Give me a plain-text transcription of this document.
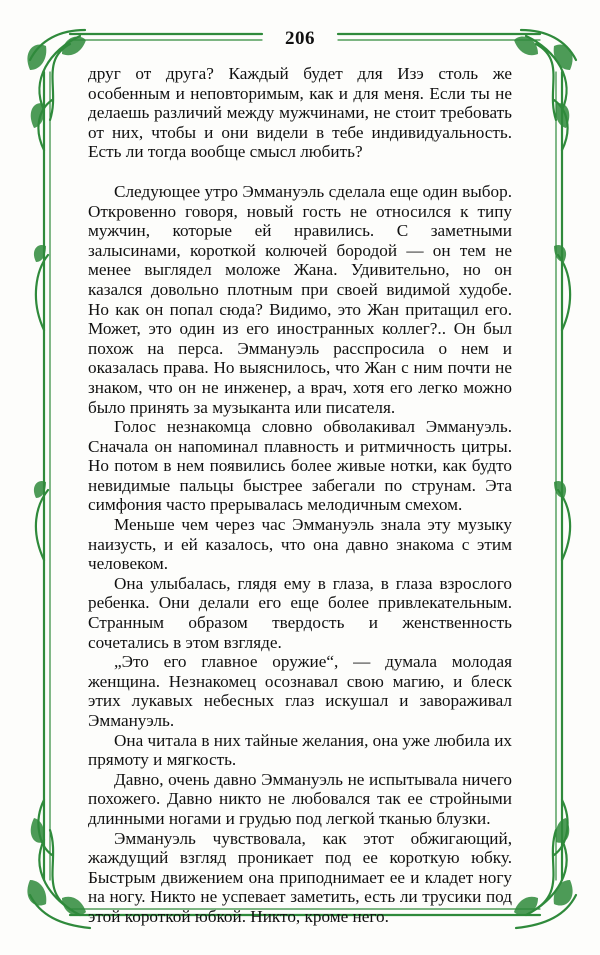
206

друг от друга? Каждый будет для Изэ столь же особенным и неповторимым, как и для меня. Если ты не делаешь различий между мужчинами, не стоит требовать от них, чтобы и они видели в тебе индивидуальность. Есть ли тогда вообще смысл любить?

Следующее утро Эммануэль сделала еще один выбор. Откровенно говоря, новый гость не относился к типу мужчин, которые ей нравились. С заметными залысинами, короткой колючей бородой — он тем не менее выглядел моложе Жана. Удивительно, но он казался довольно плотным при своей видимой худобе. Но как он попал сюда? Видимо, это Жан притащил его. Может, это один из его иностранных коллег?.. Он был похож на перса. Эммануэль расспросила о нем и оказалась права. Но выяснилось, что Жан с ним почти не знаком, что он не инженер, а врач, хотя его легко можно было принять за музыканта или писателя.

Голос незнакомца словно обволакивал Эммануэль. Сначала он напоминал плавность и ритмичность цитры. Но потом в нем появились более живые нотки, как будто невидимые пальцы быстрее забегали по струнам. Эта симфония часто прерывалась мелодичным смехом.

Меньше чем через час Эммануэль знала эту музыку наизусть, и ей казалось, что она давно знакома с этим человеком.

Она улыбалась, глядя ему в глаза, в глаза взрослого ребенка. Они делали его еще более привлекательным. Странным образом твердость и женственность сочетались в этом взгляде.

„Это его главное оружие“, — думала молодая женщина. Незнакомец осознавал свою магию, и блеск этих лукавых небесных глаз искушал и завораживал Эммануэль.

Она читала в них тайные желания, она уже любила их прямоту и мягкость.

Давно, очень давно Эммануэль не испытывала ничего похожего. Давно никто не любовался так ее стройными длинными ногами и грудью под легкой тканью блузки.

Эммануэль чувствовала, как этот обжигающий, жаждущий взгляд проникает под ее короткую юбку. Быстрым движением она приподнимает ее и кладет ногу на ногу. Никто не успевает заметить, есть ли трусики под этой короткой юбкой. Никто, кроме него.
